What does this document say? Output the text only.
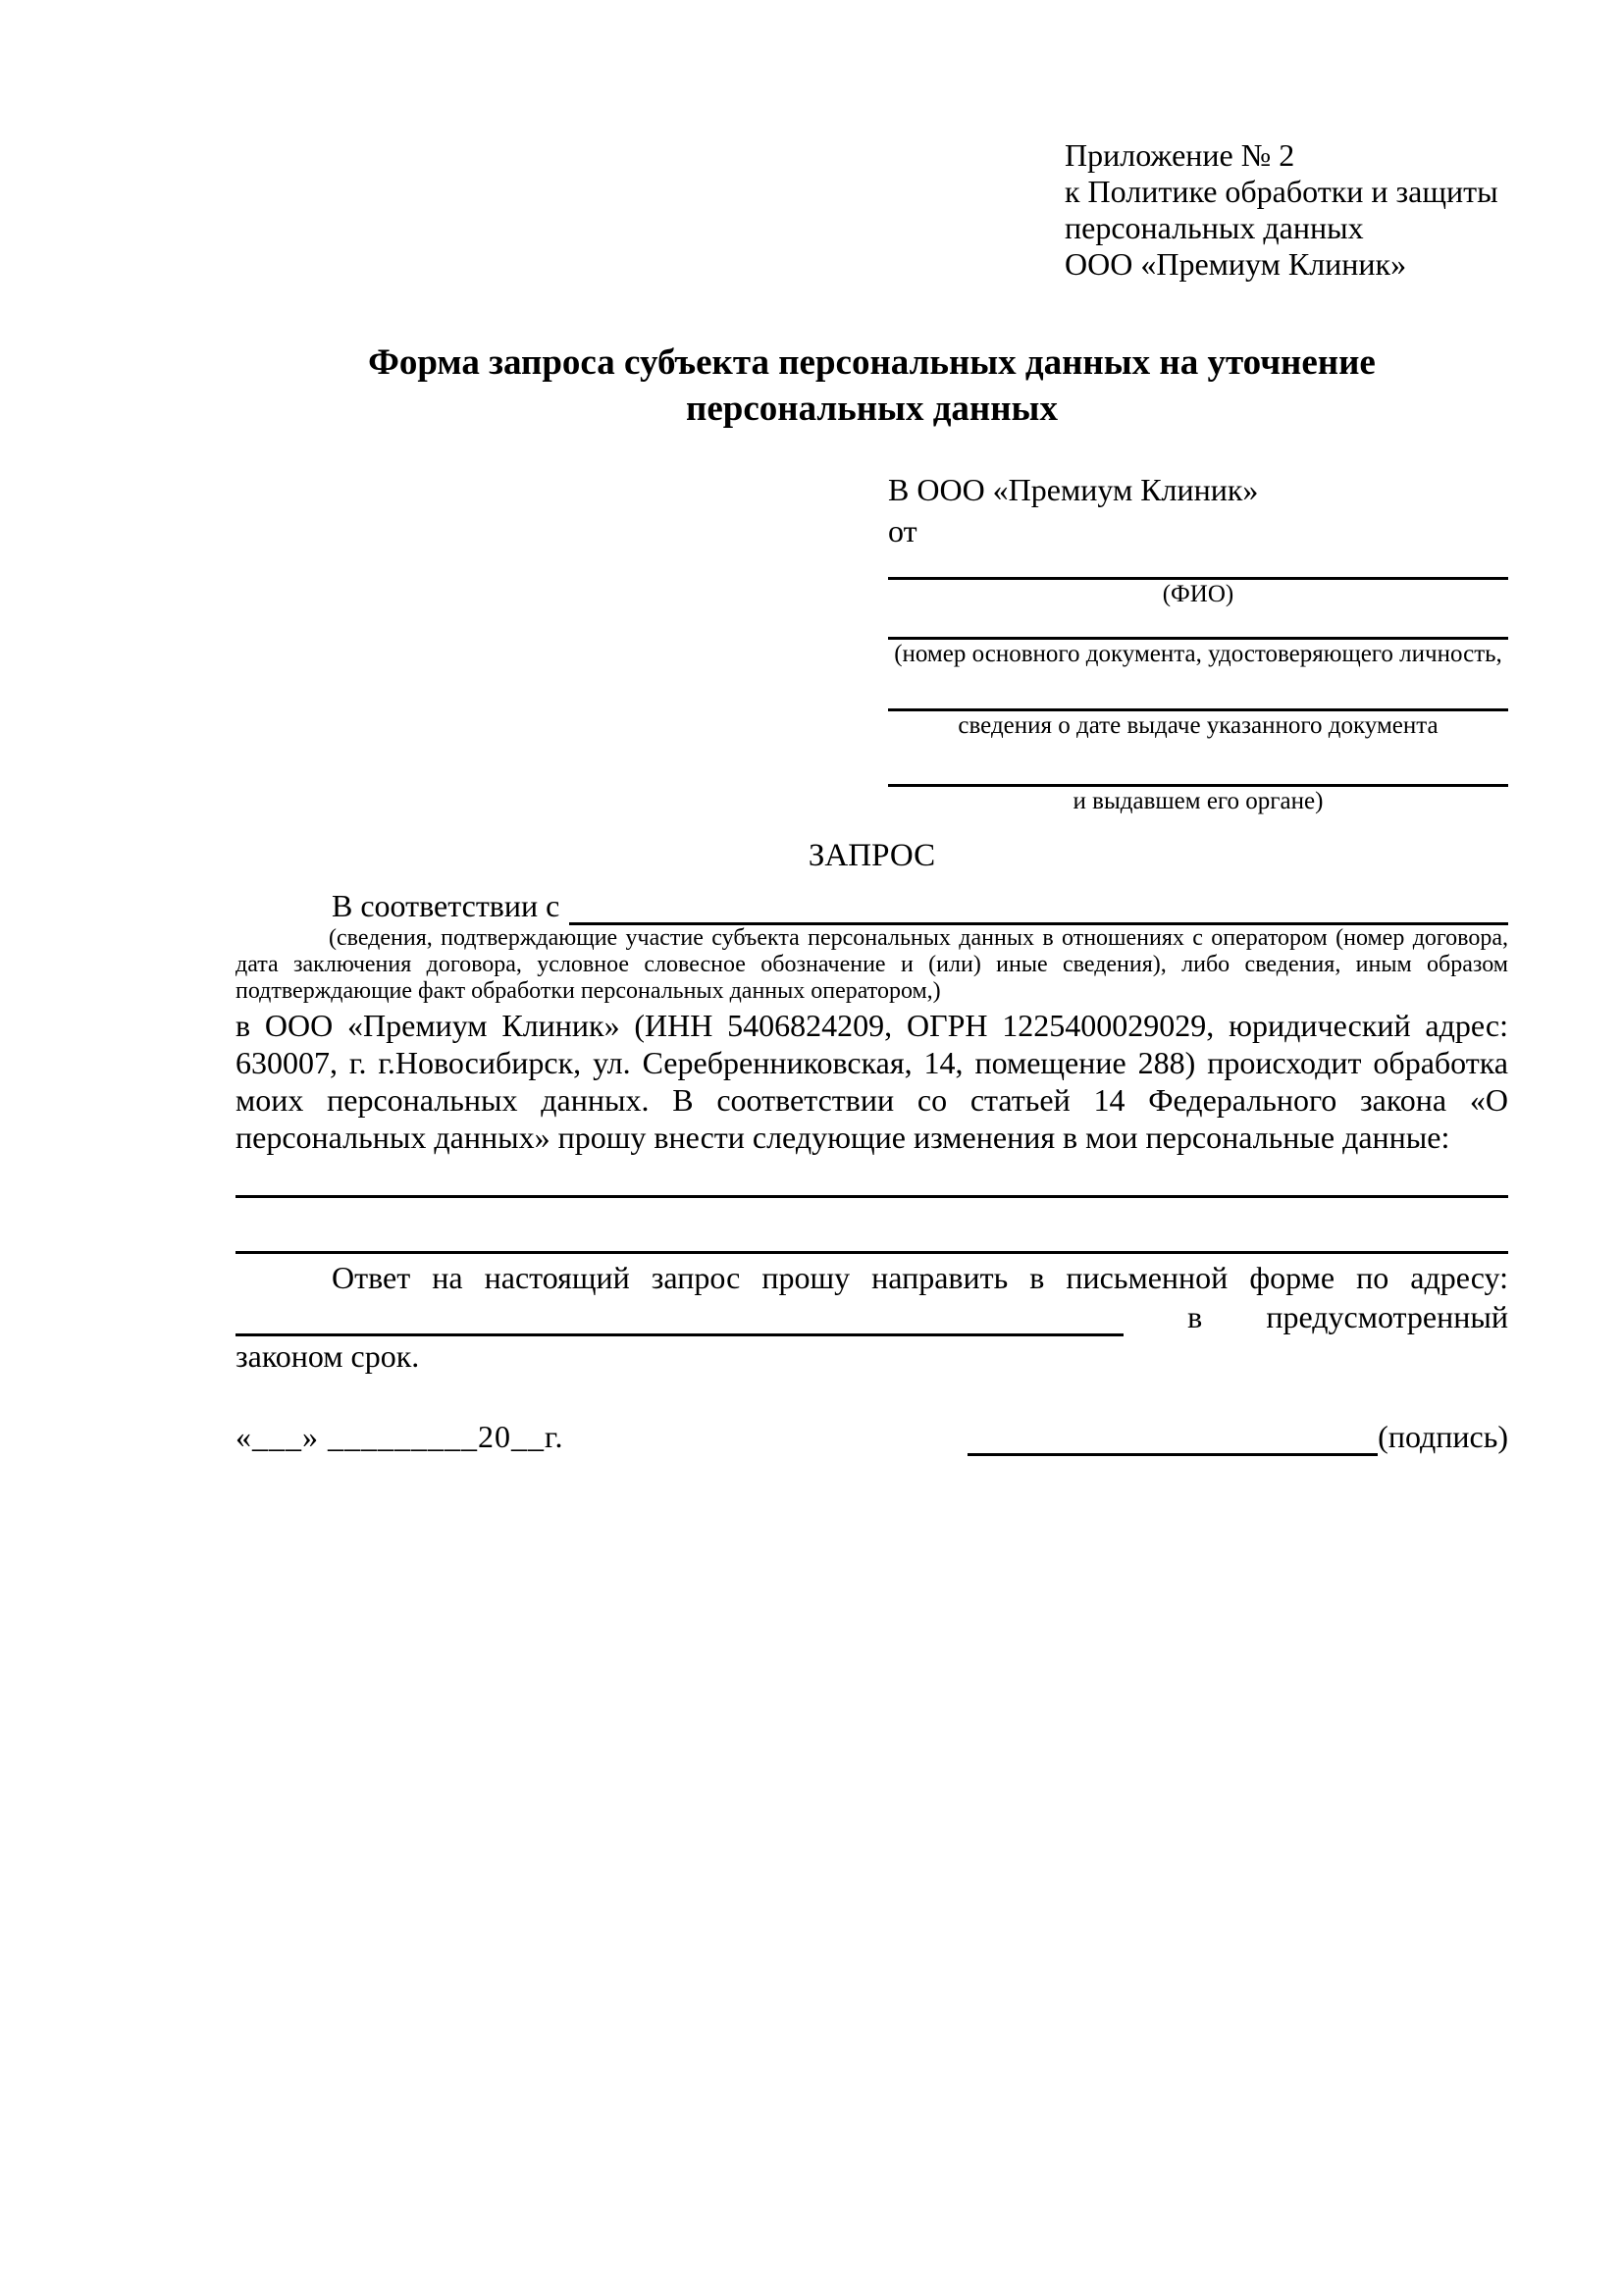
Приложение № 2
к Политике обработки и защиты
персональных данных
ООО «Премиум Клиник»
Форма запроса субъекта персональных данных на уточнение
персональных данных
В ООО «Премиум Клиник»
от
(ФИО)
(номер основного документа, удостоверяющего личность,
сведения о дате выдаче указанного документа
и выдавшем его органе)
ЗАПРОС
В соответствии с
(сведения, подтверждающие участие субъекта персональных данных в отношениях с оператором (номер договора, дата заключения договора, условное словесное обозначение и (или) иные сведения), либо сведения, иным образом подтверждающие факт обработки персональных данных оператором,)
в ООО «Премиум Клиник» (ИНН 5406824209, ОГРН 1225400029029, юридический адрес: 630007, г. г.Новосибирск, ул. Серебренниковская, 14, помещение 288) происходит обработка моих персональных данных. В соответствии со статьей 14 Федерального закона «О персональных данных» прошу внести следующие изменения в мои персональные данные:
Ответ на настоящий запрос прошу направить в письменной форме по адресу:
в предусмотренный
законом срок.
«___» _________20__г.	(подпись)
